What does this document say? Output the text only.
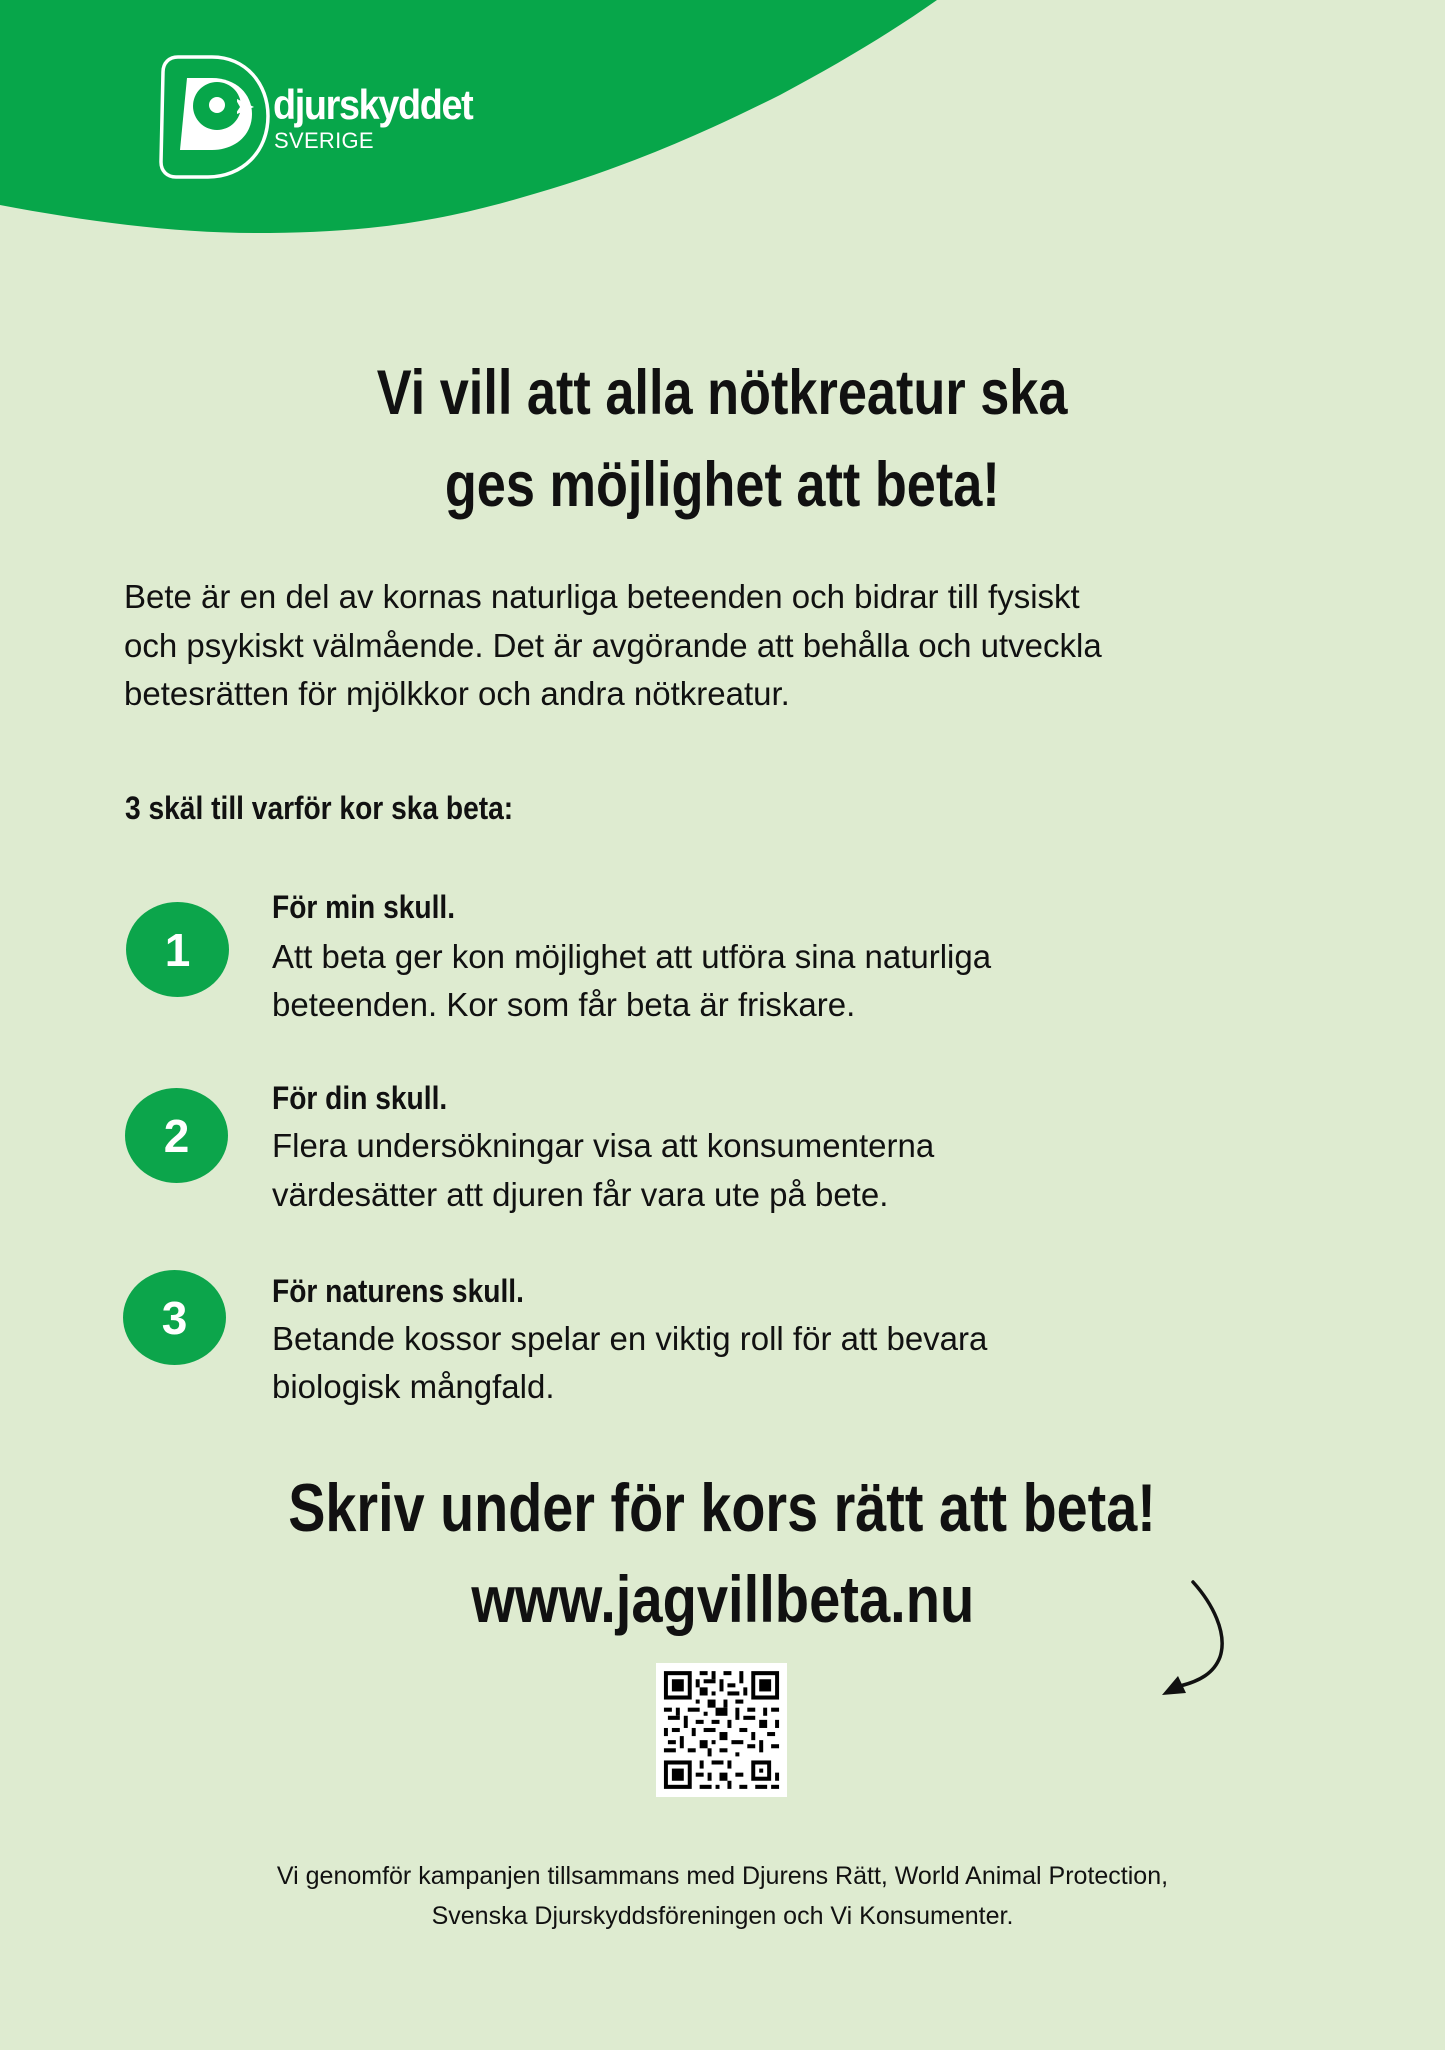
djurskyddet
SVERIGE
Vi vill att alla nötkreatur ska
ges möjlighet att beta!
Bete är en del av kornas naturliga beteenden och bidrar till fysiskt
och psykiskt välmående. Det är avgörande att behålla och utveckla
betesrätten för mjölkkor och andra nötkreatur.
3 skäl till varför kor ska beta:
1
För min skull.
Att beta ger kon möjlighet att utföra sina naturliga
beteenden. Kor som får beta är friskare.
2
För din skull.
Flera undersökningar visa att konsumenterna
värdesätter att djuren får vara ute på bete.
3
För naturens skull.
Betande kossor spelar en viktig roll för att bevara
biologisk mångfald.
Skriv under för kors rätt att beta!
www.jagvillbeta.nu
Vi genomför kampanjen tillsammans med Djurens Rätt, World Animal Protection,
Svenska Djurskyddsföreningen och Vi Konsumenter.
